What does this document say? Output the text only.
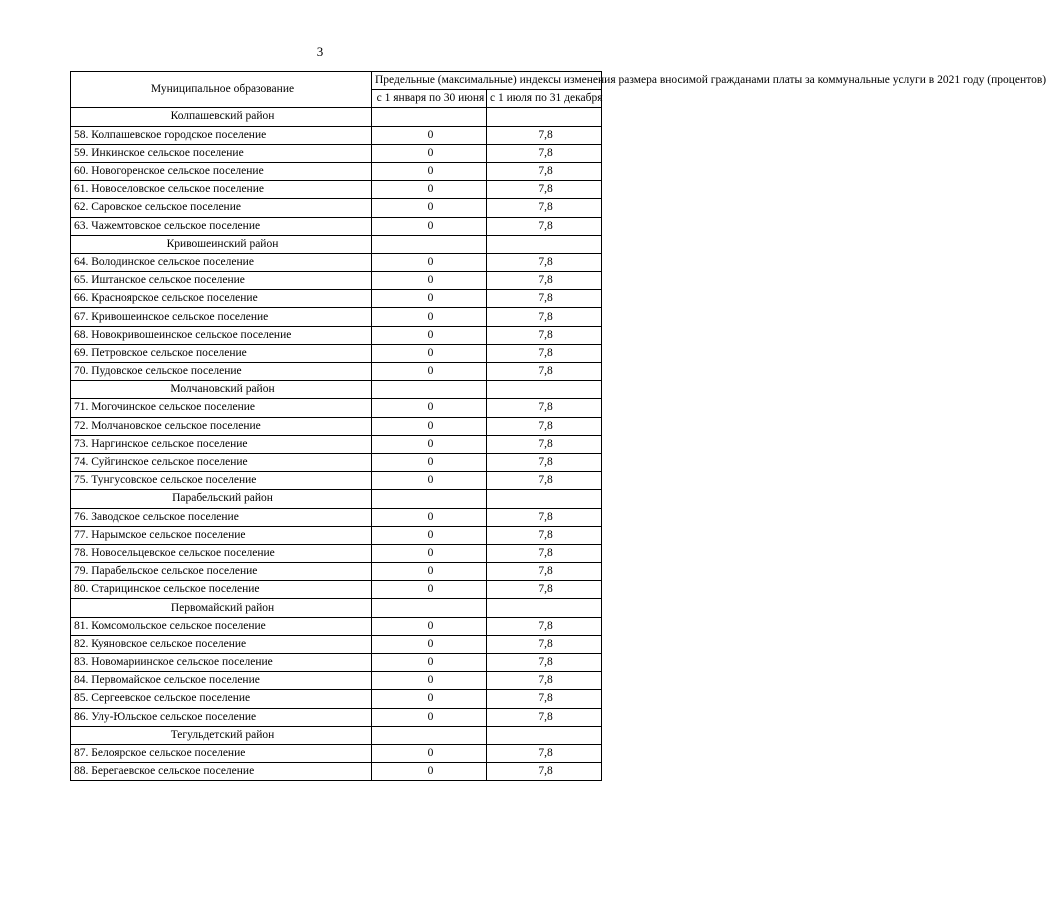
3
Муниципальное образование	Предельные (максимальные) индексы изменения размера вносимой гражданами платы за коммунальные услуги в 2021 году (процентов)	
	с 1 января по 30 июня	с 1 июля по 31 декабря
Колпашевский район		
58. Колпашевское городское поселение	0	7,8
59. Инкинское сельское поселение	0	7,8
60. Новогоренское сельское поселение	0	7,8
61. Новоселовское сельское поселение	0	7,8
62. Саровское сельское поселение	0	7,8
63. Чажемтовское сельское поселение	0	7,8
Кривошеинский район		
64. Володинское сельское поселение	0	7,8
65. Иштанское сельское поселение	0	7,8
66. Красноярское сельское поселение	0	7,8
67. Кривошеинское сельское поселение	0	7,8
68. Новокривошеинское сельское поселение	0	7,8
69. Петровское сельское поселение	0	7,8
70. Пудовское сельское поселение	0	7,8
Молчановский район		
71. Могочинское сельское поселение	0	7,8
72. Молчановское сельское поселение	0	7,8
73. Наргинское сельское поселение	0	7,8
74. Суйгинское сельское поселение	0	7,8
75. Тунгусовское сельское поселение	0	7,8
Парабельский район		
76. Заводское сельское поселение	0	7,8
77. Нарымское сельское поселение	0	7,8
78. Новосельцевское сельское поселение	0	7,8
79. Парабельское сельское поселение	0	7,8
80. Старицинское сельское поселение	0	7,8
Первомайский район		
81. Комсомольское сельское поселение	0	7,8
82. Куяновское сельское поселение	0	7,8
83. Новомариинское сельское поселение	0	7,8
84. Первомайское сельское поселение	0	7,8
85. Сергеевское сельское поселение	0	7,8
86. Улу-Юльское сельское поселение	0	7,8
Тегульдетский район		
87. Белоярское сельское поселение	0	7,8
88. Берегаевское сельское поселение	0	7,8
